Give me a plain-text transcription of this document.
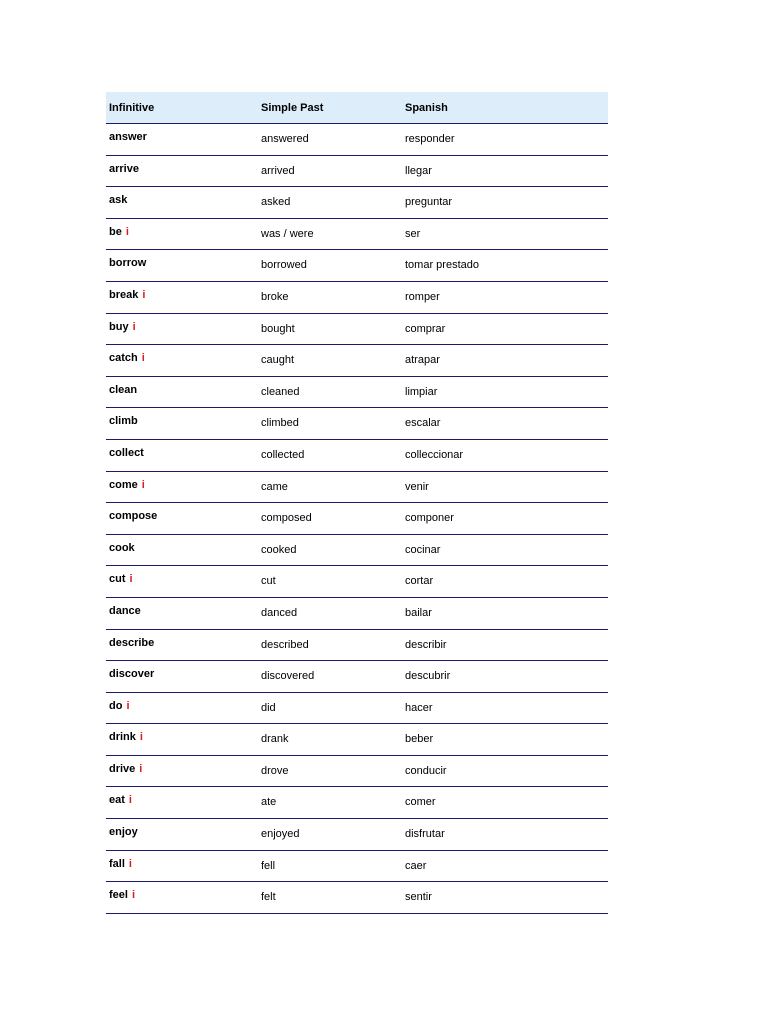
Infinitive	Simple Past	Spanish

answer	answered	responder

arrive	arrived	llegar

ask	asked	preguntar

be i	was / were	ser

borrow	borrowed	tomar prestado

break i	broke	romper

buy i	bought	comprar

catch i	caught	atrapar

clean	cleaned	limpiar

climb	climbed	escalar

collect	collected	colleccionar

come i	came	venir

compose	composed	componer

cook	cooked	cocinar

cut i	cut	cortar

dance	danced	bailar

describe	described	describir

discover	discovered	descubrir

do i	did	hacer

drink i	drank	beber

drive i	drove	conducir

eat i	ate	comer

enjoy	enjoyed	disfrutar

fall i	fell	caer

feel i	felt	sentir
